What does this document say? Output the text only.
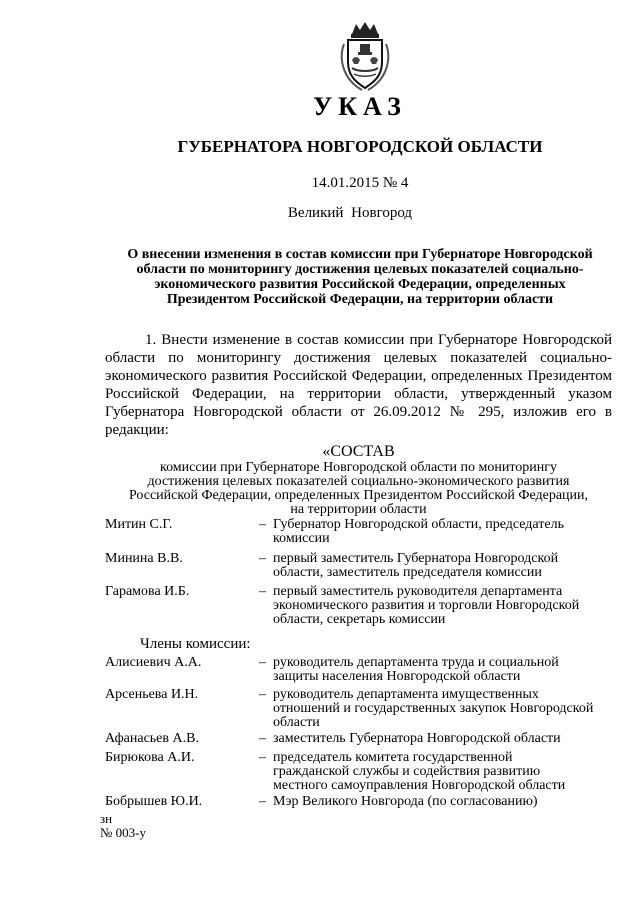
УКАЗ
ГУБЕРНАТОРА НОВГОРОДСКОЙ ОБЛАСТИ
14.01.2015 № 4
Великий Новгород
О внесении изменения в состав комиссии при Губернаторе Новгородской
области по мониторингу достижения целевых показателей социально-
экономического развития Российской Федерации, определенных
Президентом Российской Федерации, на территории области
1. Внести изменение в состав комиссии при Губернаторе Новгородской области по мониторингу достижения целевых показателей социально-экономического развития Российской Федерации, определенных Президентом Российской Федерации, на территории области, утвержденный указом Губернатора Новгородской области от 26.09.2012 № 295, изложив его в редакции:
«СОСТАВ
комиссии при Губернаторе Новгородской области по мониторингу
достижения целевых показателей социально-экономического развития
Российской Федерации, определенных Президентом Российской Федерации,
на территории области
Митин С.Г.	– Губернатор Новгородской области, председатель
комиссии
Минина В.В.	– первый заместитель Губернатора Новгородской
области, заместитель председателя комиссии
Гарамова И.Б.	– первый заместитель руководителя департамента
экономического развития и торговли Новгородской
области, секретарь комиссии
Члены комиссии:
Алисиевич А.А.	– руководитель департамента труда и социальной
защиты населения Новгородской области
Арсеньева И.Н.	– руководитель департамента имущественных
отношений и государственных закупок Новгородской
области
Афанасьев А.В.	– заместитель Губернатора Новгородской области
Бирюкова А.И.	– председатель комитета государственной
гражданской службы и содействия развитию
местного самоуправления Новгородской области
Бобрышев Ю.И.	– Мэр Великого Новгорода (по согласованию)
зн
№ 003-у
